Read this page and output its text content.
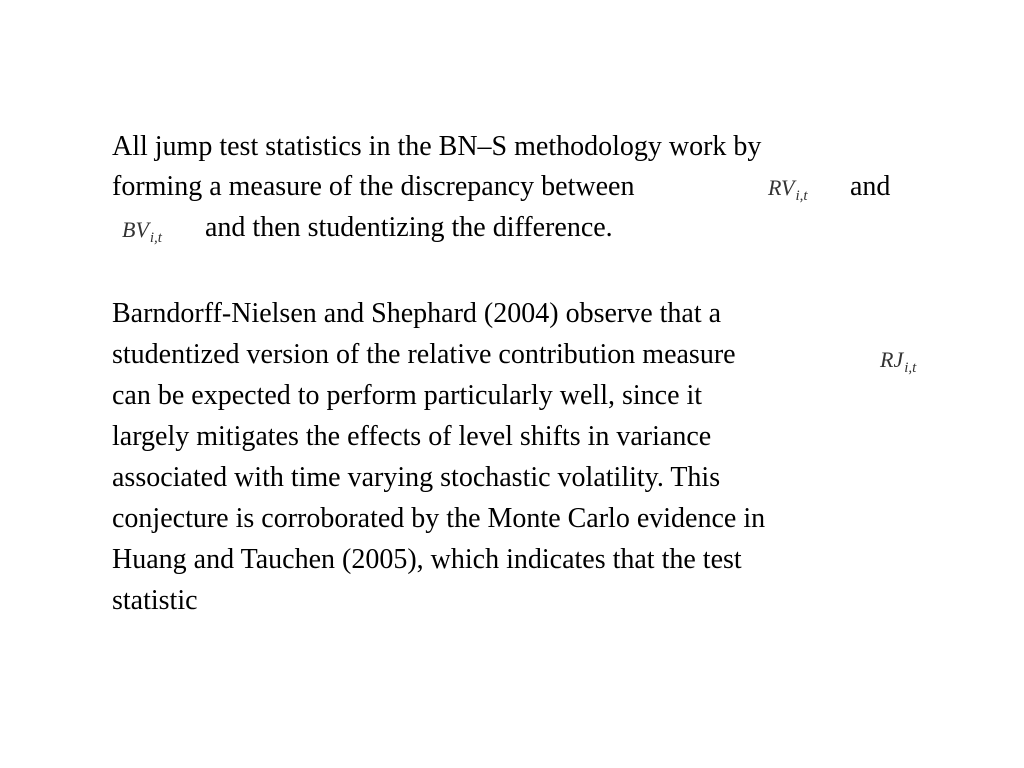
All jump test statistics in the BN–S methodology work by
forming a measure of the discrepancy between	RVi,t and
BVi,t and then studentizing the difference.
Barndorff-Nielsen and Shephard (2004) observe that a
studentized version of the relative contribution measure	RJi,t
can be expected to perform particularly well, since it
largely mitigates the effects of level shifts in variance
associated with time varying stochastic volatility. This
conjecture is corroborated by the Monte Carlo evidence in
Huang and Tauchen (2005), which indicates that the test
statistic
